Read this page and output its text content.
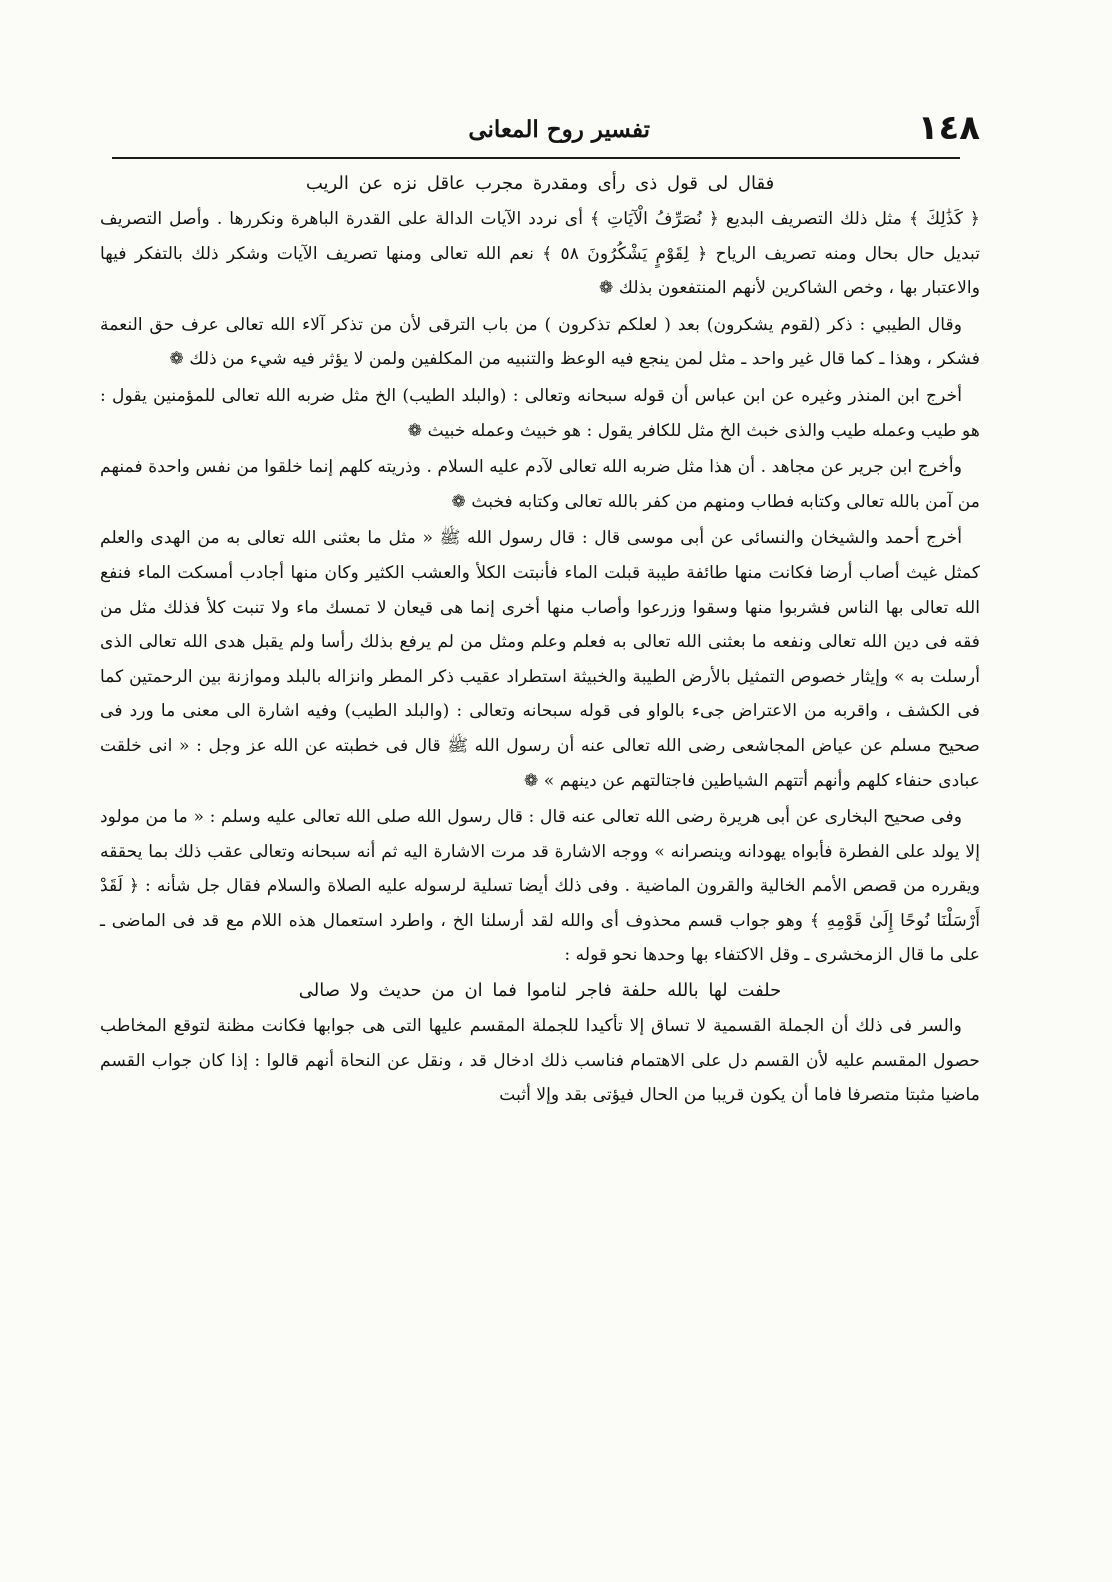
١٤٨
تفسير روح المعانى
فقال لى قول ذى رأى ومقدرة مجرب عاقل نزه عن الريب

﴿ كَذَٰلِكَ ﴾ مثل ذلك التصريف البديع ﴿ نُصَرِّفُ الْآيَاتِ ﴾ أى نردد الآيات الدالة على القدرة الباهرة ونكررها . وأصل التصريف تبديل حال بحال ومنه تصريف الرياح ﴿ لِقَوْمٍ يَشْكُرُونَ ٥٨ ﴾ نعم الله تعالى ومنها تصريف الآيات وشكر ذلك بالتفكر فيها والاعتبار بها ، وخص الشاكرين لأنهم المنتفعون بذلك ❁

وقال الطيبي : ذكر (لقوم يشكرون) بعد ( لعلكم تذكرون ) من باب الترقى لأن من تذكر آلاء الله تعالى عرف حق النعمة فشكر ، وهذا ـ كما قال غير واحد ـ مثل لمن ينجع فيه الوعظ والتنبيه من المكلفين ولمن لا يؤثر فيه شيء من ذلك ❁

أخرج ابن المنذر وغيره عن ابن عباس أن قوله سبحانه وتعالى : (والبلد الطيب) الخ مثل ضربه الله تعالى للمؤمنين يقول : هو طيب وعمله طيب والذى خبث الخ مثل للكافر يقول : هو خبيث وعمله خبيث ❁

وأخرج ابن جرير عن مجاهد . أن هذا مثل ضربه الله تعالى لآدم عليه السلام . وذريته كلهم إنما خلقوا من نفس واحدة فمنهم من آمن بالله تعالى وكتابه فطاب ومنهم من كفر بالله تعالى وكتابه فخبث ❁

أخرج أحمد والشيخان والنسائى عن أبى موسى قال : قال رسول الله ﷺ « مثل ما بعثنى الله تعالى به من الهدى والعلم كمثل غيث أصاب أرضا فكانت منها طائفة طيبة قبلت الماء فأنبتت الكلأ والعشب الكثير وكان منها أجادب أمسكت الماء فنفع الله تعالى بها الناس فشربوا منها وسقوا وزرعوا وأصاب منها أخرى إنما هى قيعان لا تمسك ماء ولا تنبت كلأ فذلك مثل من فقه فى دين الله تعالى ونفعه ما بعثنى الله تعالى به فعلم وعلم ومثل من لم يرفع بذلك رأسا ولم يقبل هدى الله تعالى الذى أرسلت به » وإيثار خصوص التمثيل بالأرض الطيبة والخبيثة استطراد عقيب ذكر المطر وانزاله بالبلد وموازنة بين الرحمتين كما فى الكشف ، واقربه من الاعتراض جىء بالواو فى قوله سبحانه وتعالى : (والبلد الطيب) وفيه اشارة الى معنى ما ورد فى صحيح مسلم عن عياض المجاشعى رضى الله تعالى عنه أن رسول الله ﷺ قال فى خطبته عن الله عز وجل : « انى خلقت عبادى حنفاء كلهم وأنهم أتتهم الشياطين فاجتالتهم عن دينهم » ❁

وفى صحيح البخارى عن أبى هريرة رضى الله تعالى عنه قال : قال رسول الله صلى الله تعالى عليه وسلم : « ما من مولود إلا يولد على الفطرة فأبواه يهودانه وينصرانه » ووجه الاشارة قد مرت الاشارة اليه ثم أنه سبحانه وتعالى عقب ذلك بما يحققه ويقرره من قصص الأمم الخالية والقرون الماضية . وفى ذلك أيضا تسلية لرسوله عليه الصلاة والسلام فقال جل شأنه : ﴿ لَقَدْ أَرْسَلْنَا نُوحًا إِلَىٰ قَوْمِهِ ﴾ وهو جواب قسم محذوف أى والله لقد أرسلنا الخ ، واطرد استعمال هذه اللام مع قد فى الماضى ـ على ما قال الزمخشرى ـ وقل الاكتفاء بها وحدها نحو قوله :

حلفت لها بالله حلفة فاجر لناموا فما ان من حديث ولا صالى

والسر فى ذلك أن الجملة القسمية لا تساق إلا تأكيدا للجملة المقسم عليها التى هى جوابها فكانت مظنة لتوقع المخاطب حصول المقسم عليه لأن القسم دل على الاهتمام فناسب ذلك ادخال قد ، ونقل عن النحاة أنهم قالوا : إذا كان جواب القسم ماضيا مثبتا متصرفا فاما أن يكون قريبا من الحال فيؤتى بقد وإلا أثبت
